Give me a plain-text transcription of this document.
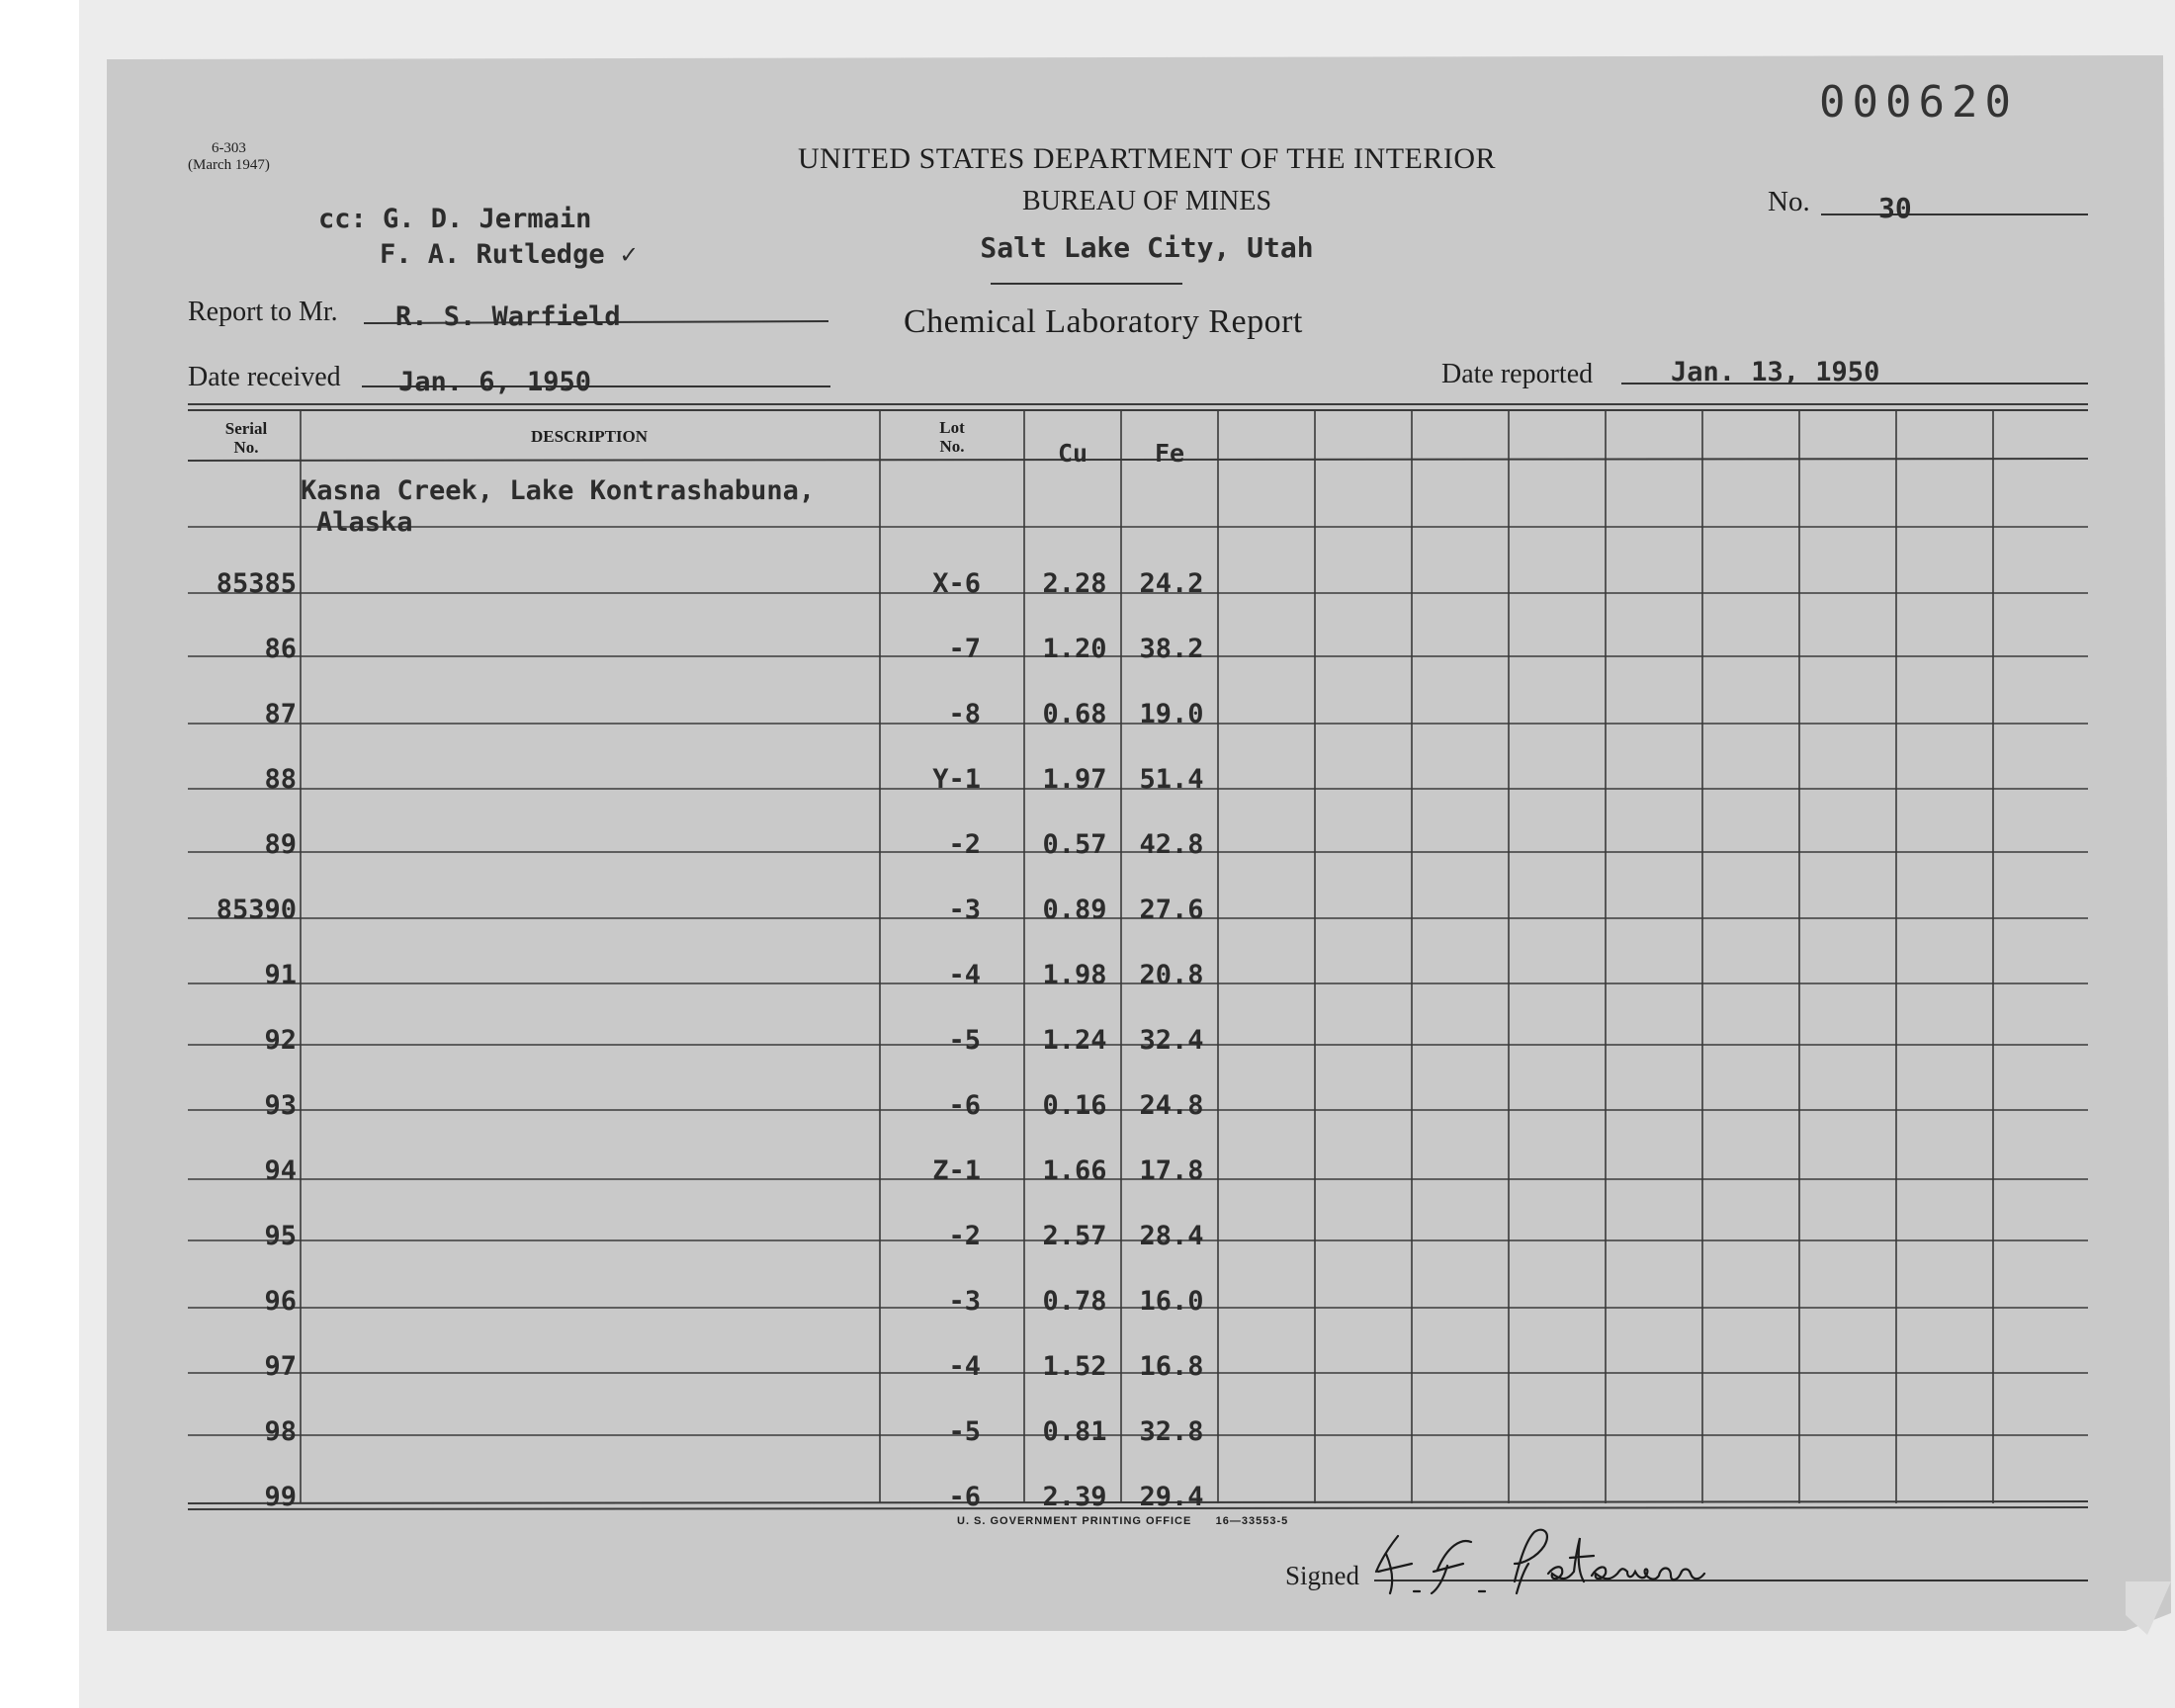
000620
6-303
(March 1947)
cc: G. D. Jermain
F. A. Rutledge ✓
UNITED STATES DEPARTMENT OF THE INTERIOR
BUREAU OF MINES
Salt Lake City, Utah
Chemical Laboratory Report
No. 30
Report to Mr. R. S. Warfield
Date received Jan. 6, 1950	Date reported	Jan. 13, 1950
Serial
No.
DESCRIPTION	Lot
No.	Cu	Fe
Kasna Creek, Lake Kontrashabuna,
Alaska
85385	X-6	2.28	24.2
86	-7	1.20	38.2
87	-8	0.68	19.0
88	Y-1	1.97	51.4
89	-2	0.57	42.8
85390	-3	0.89	27.6
91	-4	1.98	20.8
92	-5	1.24	32.4
93	-6	0.16	24.8
94	Z-1	1.66	17.8
95	-2	2.57	28.4
96	-3	0.78	16.0
97	-4	1.52	16.8
98	-5	0.81	32.8
99	-6	2.39	29.4
U. S. GOVERNMENT PRINTING OFFICE      16—33553-5
Signed
